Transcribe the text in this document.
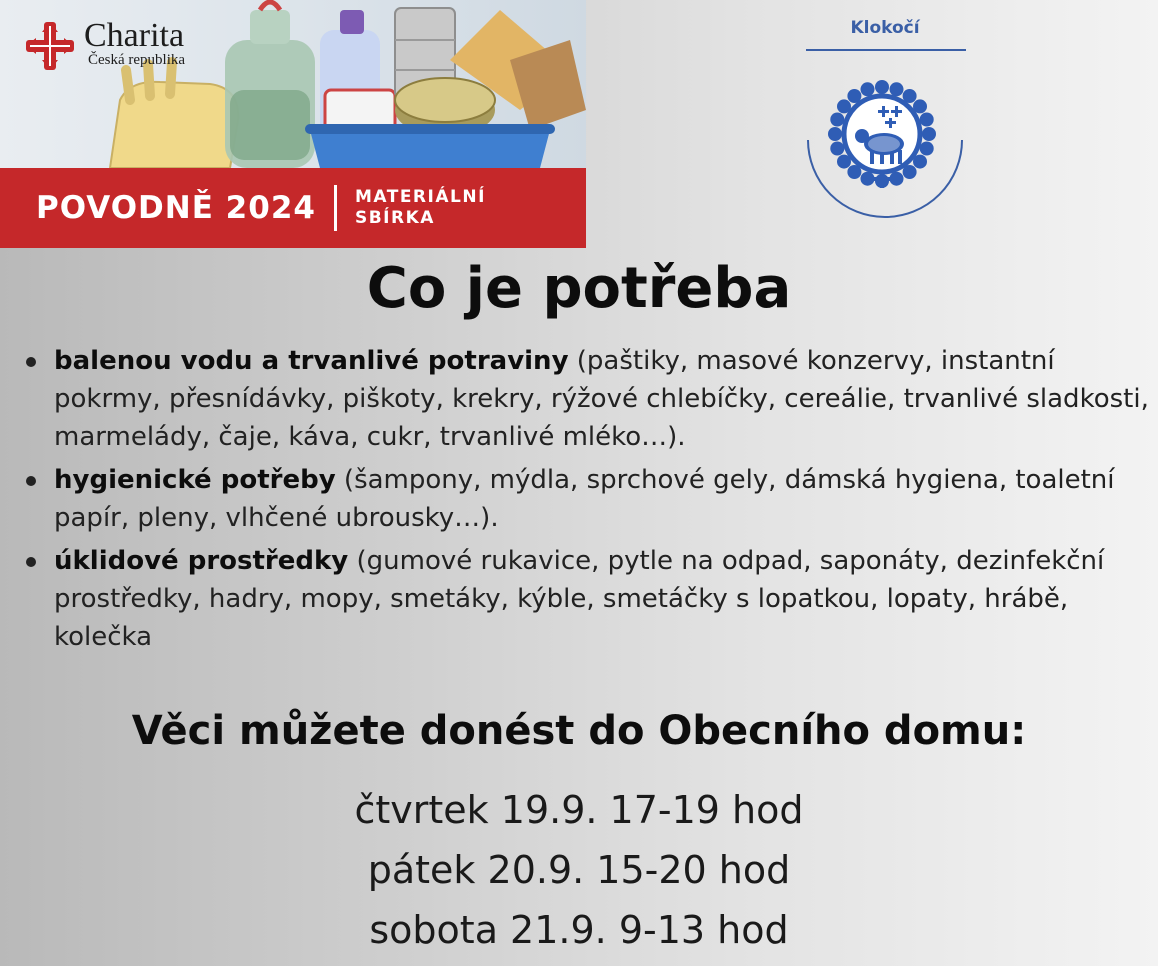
Charita
Česká republika
POVODNĚ 2024 MATERIÁLNÍ
SBÍRKA
Klokočí
Co je potřeba
balenou vodu a trvanlivé potraviny (paštiky, masové konzervy, instantní pokrmy, přesnídávky, piškoty, krekry, rýžové chlebíčky, cereálie, trvanlivé sladkosti, marmelády, čaje, káva, cukr, trvanlivé mléko…).
hygienické potřeby (šampony, mýdla, sprchové gely, dámská hygiena, toaletní papír, pleny, vlhčené ubrousky…).
úklidové prostředky (gumové rukavice, pytle na odpad, saponáty, dezinfekční prostředky, hadry, mopy, smetáky, kýble, smetáčky s lopatkou, lopaty, hrábě, kolečka
Věci můžete donést do Obecního domu:
čtvrtek 19.9. 17-19 hod
pátek 20.9. 15-20 hod
sobota 21.9. 9-13 hod
